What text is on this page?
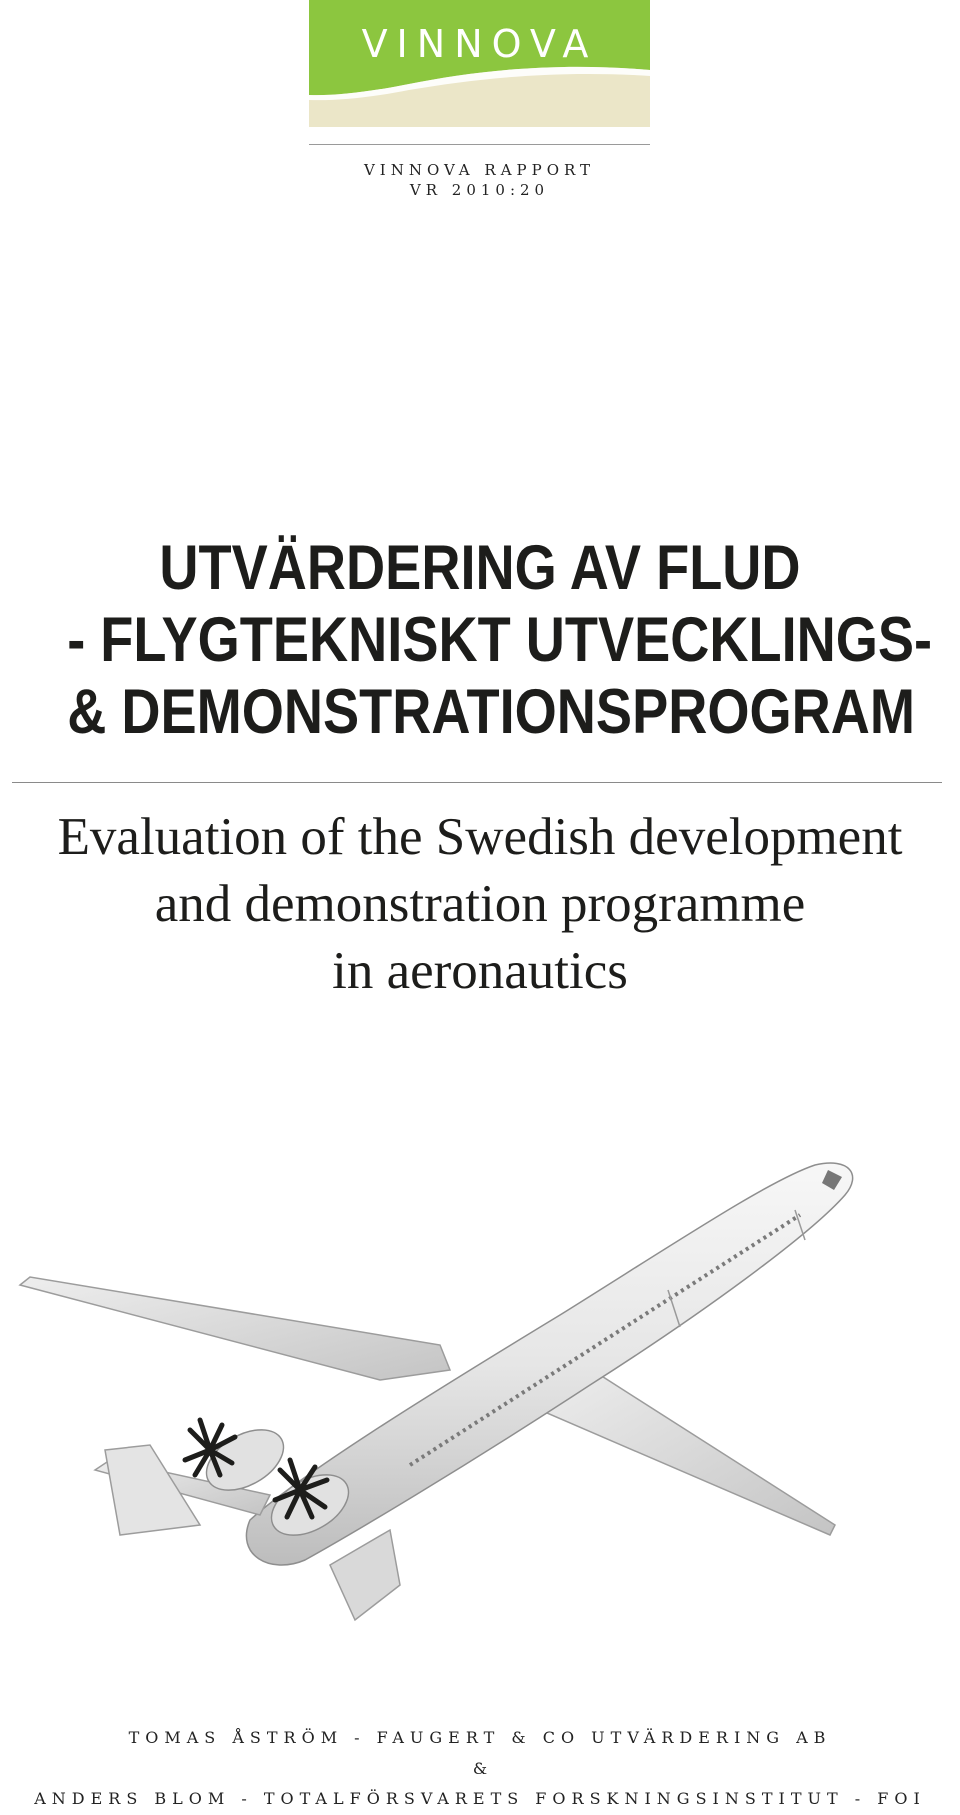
VINNOVA
VINNOVA RAPPORT
VR 2010:20
UTVÄRDERING AV FLUD
- FLYGTEKNISKT UTVECKLINGS-
& DEMONSTRATIONSPROGRAM
Evaluation of the Swedish development
and demonstration programme
in aeronautics
TOMAS ÅSTRÖM - FAUGERT & CO UTVÄRDERING AB
&
ANDERS BLOM - TOTALFÖRSVARETS FORSKNINGSINSTITUT - FOI
